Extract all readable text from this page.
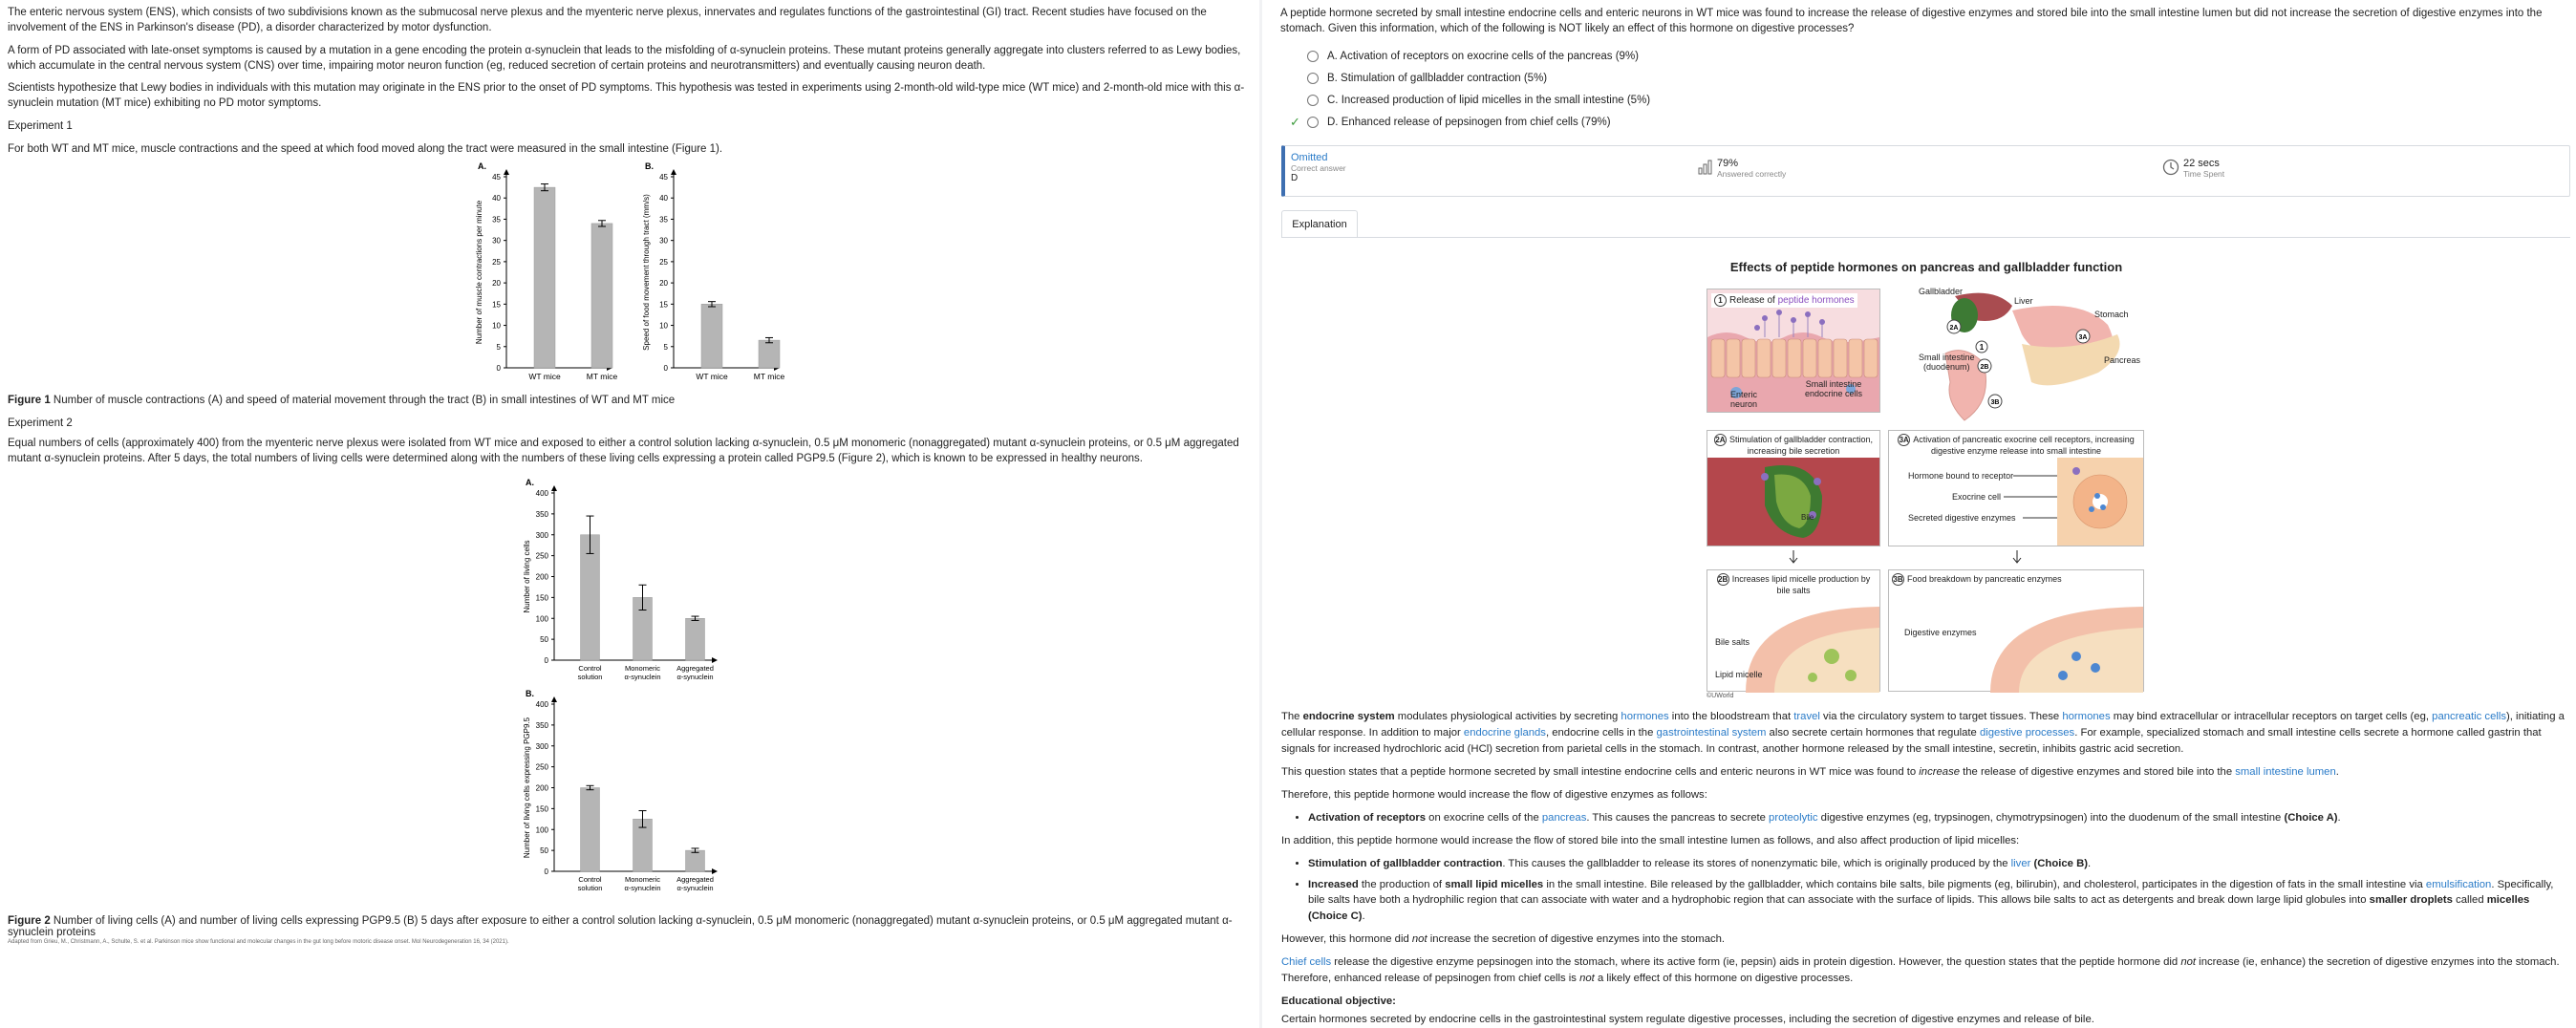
The enteric nervous system (ENS), which consists of two subdivisions known as the submucosal nerve plexus and the myenteric nerve plexus, innervates and regulates functions of the gastrointestinal (GI) tract. Recent studies have focused on the involvement of the ENS in Parkinson's disease (PD), a disorder characterized by motor dysfunction.

A form of PD associated with late-onset symptoms is caused by a mutation in a gene encoding the protein α-synuclein that leads to the misfolding of α-synuclein proteins. These mutant proteins generally aggregate into clusters referred to as Lewy bodies, which accumulate in the central nervous system (CNS) over time, impairing motor neuron function (eg, reduced secretion of certain proteins and neurotransmitters) and eventually causing neuron death.

Scientists hypothesize that Lewy bodies in individuals with this mutation may originate in the ENS prior to the onset of PD symptoms. This hypothesis was tested in experiments using 2-month-old wild-type mice (WT mice) and 2-month-old mice with this α-synuclein mutation (MT mice) exhibiting no PD motor symptoms.

Experiment 1

For both WT and MT mice, muscle contractions and the speed at which food moved along the tract were measured in the small intestine (Figure 1).

A.
0
5
10
15
20
25
30
35
40
45
Number of muscle contractions per minute
WT mice	MT mice
B.
0
5
10
15
20
25
30
35
40
45
Speed of food movement through tract (mm/s)
WT mice	MT mice
Figure 1 Number of muscle contractions (A) and speed of material movement through the tract (B) in small intestines of WT and MT mice
Experiment 2
Equal numbers of cells (approximately 400) from the myenteric nerve plexus were isolated from WT mice and exposed to either a control solution lacking α-synuclein, 0.5 μM monomeric (nonaggregated) mutant α-synuclein proteins, or 0.5 μM aggregated mutant α-synuclein proteins. After 5 days, the total numbers of living cells were determined along with the numbers of these living cells expressing a protein called PGP9.5 (Figure 2), which is known to be expressed in healthy neurons.
A.
0
50
100
150
200
250
300
350
400
Number of living cells
Control
solution
Monomeric
α-synuclein
Aggregated
α-synuclein
B.
0
50
100
150
200
250
300
350
400
Number of living cells expressing PGP9.5
Control
solution
Monomeric
α-synuclein
Aggregated
α-synuclein
Figure 2 Number of living cells (A) and number of living cells expressing PGP9.5 (B) 5 days after exposure to either a control solution lacking α-synuclein, 0.5 μM monomeric (nonaggregated) mutant α-synuclein proteins, or 0.5 μM aggregated mutant α-synuclein proteins
Adapted from Grieu, M., Christmann, A., Schulte, S. et al. Parkinson mice show functional and molecular changes in the gut long before motoric disease onset. Mol Neurodegeneration 16, 34 (2021).

A peptide hormone secreted by small intestine endocrine cells and enteric neurons in WT mice was found to increase the release of digestive enzymes and stored bile into the small intestine lumen but did not increase the secretion of digestive enzymes into the stomach. Given this information, which of the following is NOT likely an effect of this hormone on digestive processes?

A. Activation of receptors on exocrine cells of the pancreas (9%)
B. Stimulation of gallbladder contraction (5%)
C. Increased production of lipid micelles in the small intestine (5%)
✓ D. Enhanced release of pepsinogen from chief cells (79%)
Omitted
Correct answer
D
79%
Answered correctly
22 secs
Time Spent
Explanation
Effects of peptide hormones on pancreas and gallbladder function
1 Release of peptide hormones
Small intestine
endocrine cells
Enteric
neuron
1
2A
2B
3A
3B
Gallbladder
Liver
Stomach
Small intestine
(duodenum)
Pancreas
2A Stimulation of gallbladder contraction, increasing bile secretion
Bile
3A Activation of pancreatic exocrine cell receptors, increasing digestive enzyme release into small intestine
Hormone bound to receptor
Exocrine cell
Secreted digestive enzymes
2B Increases lipid micelle production by bile salts
Bile salts
Lipid micelle
3B Food breakdown by pancreatic enzymes
Digestive enzymes
©UWorld

The endocrine system modulates physiological activities by secreting hormones into the bloodstream that travel via the circulatory system to target tissues. These hormones may bind extracellular or intracellular receptors on target cells (eg, pancreatic cells), initiating a cellular response. In addition to major endocrine glands, endocrine cells in the gastrointestinal system also secrete certain hormones that regulate digestive processes. For example, specialized stomach and small intestine cells secrete a hormone called gastrin that signals for increased hydrochloric acid (HCl) secretion from parietal cells in the stomach. In contrast, another hormone released by the small intestine, secretin, inhibits gastric acid secretion.

This question states that a peptide hormone secreted by small intestine endocrine cells and enteric neurons in WT mice was found to increase the release of digestive enzymes and stored bile into the small intestine lumen.

Therefore, this peptide hormone would increase the flow of digestive enzymes as follows:

• Activation of receptors on exocrine cells of the pancreas. This causes the pancreas to secrete proteolytic digestive enzymes (eg, trypsinogen, chymotrypsinogen) into the duodenum of the small intestine (Choice A).

In addition, this peptide hormone would increase the flow of stored bile into the small intestine lumen as follows, and also affect production of lipid micelles:

• Stimulation of gallbladder contraction. This causes the gallbladder to release its stores of nonenzymatic bile, which is originally produced by the liver (Choice B).
• Increased the production of small lipid micelles in the small intestine. Bile released by the gallbladder, which contains bile salts, bile pigments (eg, bilirubin), and cholesterol, participates in the digestion of fats in the small intestine via emulsification. Specifically, bile salts have both a hydrophilic region that can associate with water and a hydrophobic region that can associate with the surface of lipids. This allows bile salts to act as detergents and break down large lipid globules into smaller droplets called micelles (Choice C).

However, this hormone did not increase the secretion of digestive enzymes into the stomach.

Chief cells release the digestive enzyme pepsinogen into the stomach, where its active form (ie, pepsin) aids in protein digestion. However, the question states that the peptide hormone did not increase (ie, enhance) the secretion of digestive enzymes into the stomach. Therefore, enhanced release of pepsinogen from chief cells is not a likely effect of this hormone on digestive processes.

Educational objective:

Certain hormones secreted by endocrine cells in the gastrointestinal system regulate digestive processes, including the secretion of digestive enzymes and release of bile.
